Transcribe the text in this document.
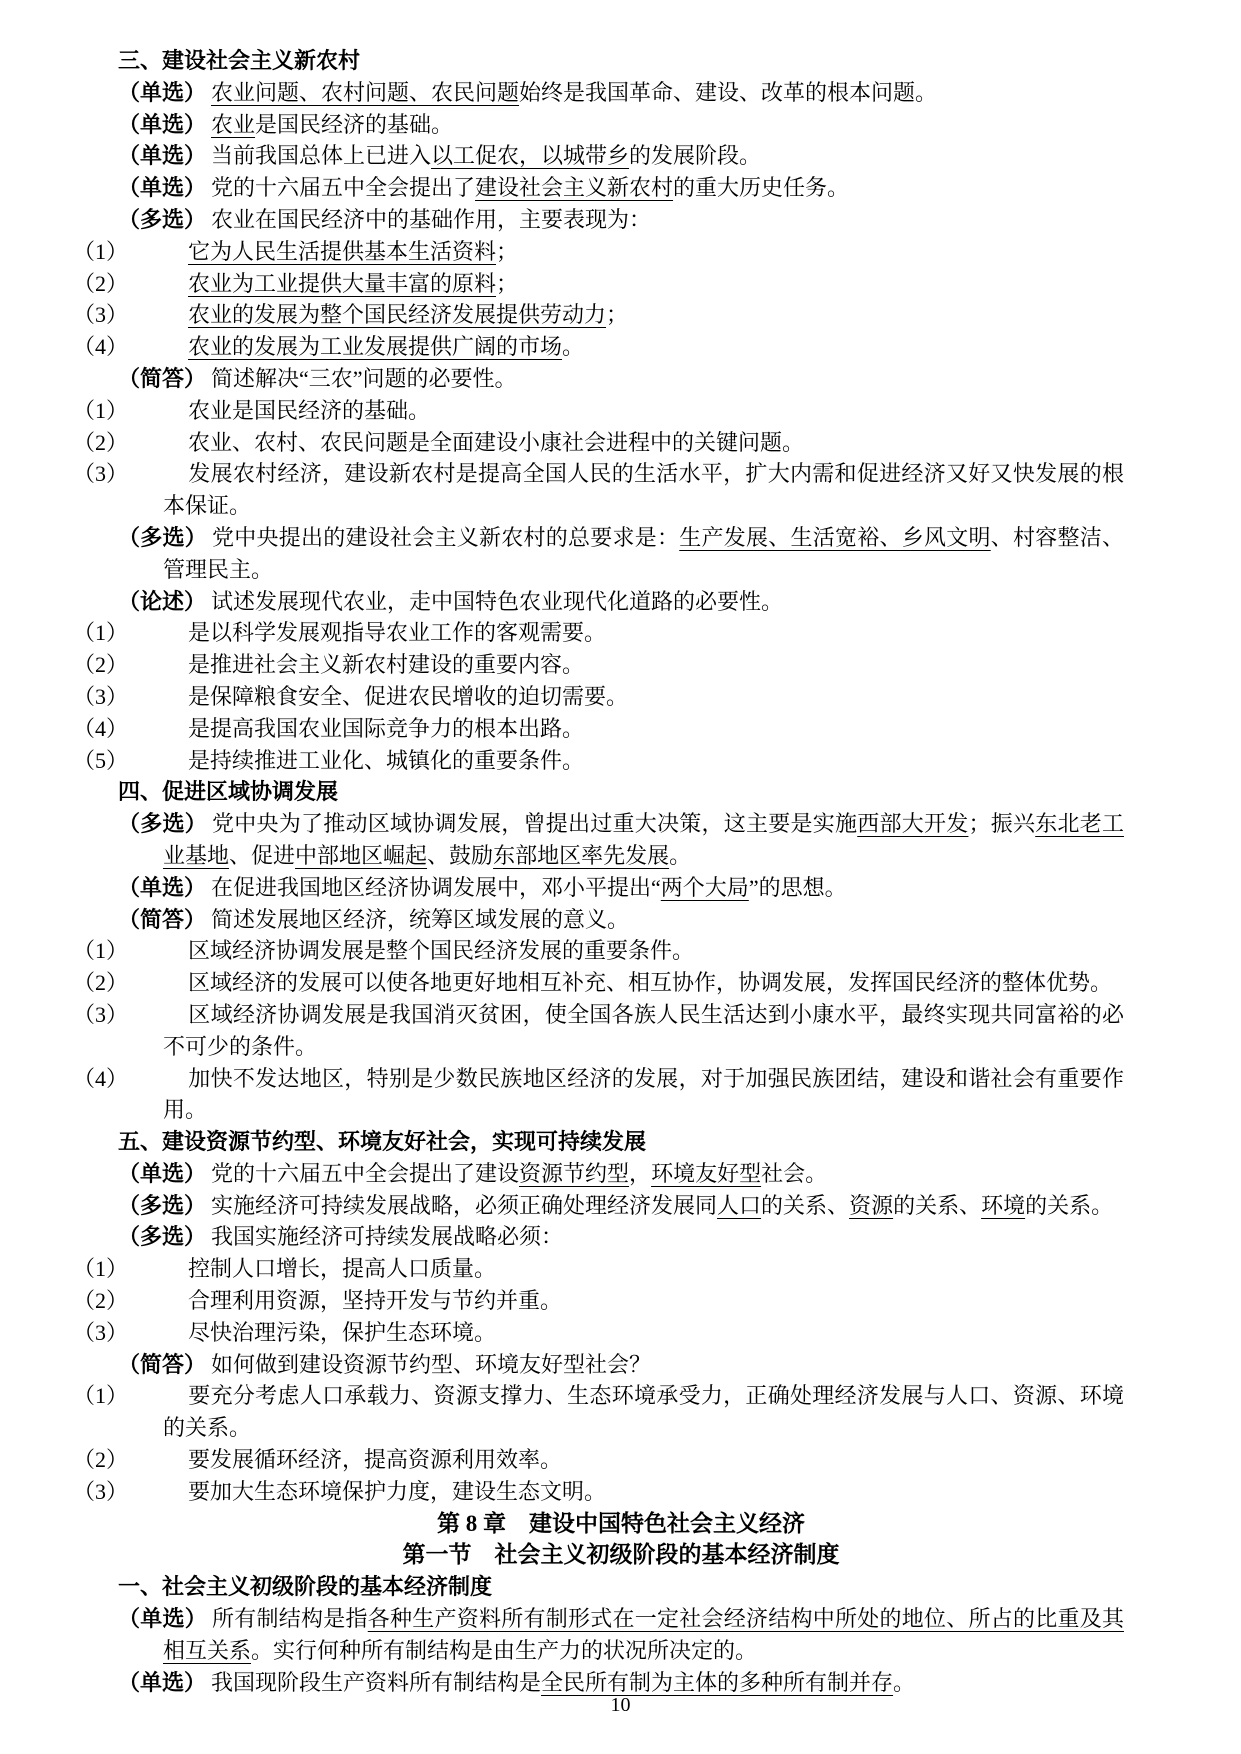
三、建设社会主义新农村
（单选） 农业问题、农村问题、农民问题始终是我国革命、建设、改革的根本问题。
（单选） 农业是国民经济的基础。
（单选） 当前我国总体上已进入以工促农，以城带乡的发展阶段。
（单选） 党的十六届五中全会提出了建设社会主义新农村的重大历史任务。
（多选） 农业在国民经济中的基础作用，主要表现为：
（1）	它为人民生活提供基本生活资料；
（2）	农业为工业提供大量丰富的原料；
（3）	农业的发展为整个国民经济发展提供劳动力；
（4）	农业的发展为工业发展提供广阔的市场。
（简答） 简述解决“三农”问题的必要性。
（1）	农业是国民经济的基础。
（2）	农业、农村、农民问题是全面建设小康社会进程中的关键问题。
（3）	发展农村经济，建设新农村是提高全国人民的生活水平，扩大内需和促进经济又好又快发展的根本保证。
（多选） 党中央提出的建设社会主义新农村的总要求是：生产发展、生活宽裕、乡风文明、村容整洁、管理民主。
（论述） 试述发展现代农业，走中国特色农业现代化道路的必要性。
（1）	是以科学发展观指导农业工作的客观需要。
（2）	是推进社会主义新农村建设的重要内容。
（3）	是保障粮食安全、促进农民增收的迫切需要。
（4）	是提高我国农业国际竞争力的根本出路。
（5）	是持续推进工业化、城镇化的重要条件。
四、促进区域协调发展
（多选） 党中央为了推动区域协调发展，曾提出过重大决策，这主要是实施西部大开发；振兴东北老工业基地、促进中部地区崛起、鼓励东部地区率先发展。
（单选） 在促进我国地区经济协调发展中，邓小平提出“两个大局”的思想。
（简答） 简述发展地区经济，统筹区域发展的意义。
（1）	区域经济协调发展是整个国民经济发展的重要条件。
（2）	区域经济的发展可以使各地更好地相互补充、相互协作，协调发展，发挥国民经济的整体优势。
（3）	区域经济协调发展是我国消灭贫困，使全国各族人民生活达到小康水平，最终实现共同富裕的必不可少的条件。
（4）	加快不发达地区，特别是少数民族地区经济的发展，对于加强民族团结，建设和谐社会有重要作用。
五、建设资源节约型、环境友好社会，实现可持续发展
（单选） 党的十六届五中全会提出了建设资源节约型，环境友好型社会。
（多选） 实施经济可持续发展战略，必须正确处理经济发展同人口的关系、资源的关系、环境的关系。
（多选） 我国实施经济可持续发展战略必须：
（1）	控制人口增长，提高人口质量。
（2）	合理利用资源，坚持开发与节约并重。
（3）	尽快治理污染，保护生态环境。
（简答） 如何做到建设资源节约型、环境友好型社会？
（1）	要充分考虑人口承载力、资源支撑力、生态环境承受力，正确处理经济发展与人口、资源、环境的关系。
（2）	要发展循环经济，提高资源利用效率。
（3）	要加大生态环境保护力度，建设生态文明。
第 8 章　建设中国特色社会主义经济
第一节　社会主义初级阶段的基本经济制度
一、社会主义初级阶段的基本经济制度
（单选） 所有制结构是指各种生产资料所有制形式在一定社会经济结构中所处的地位、所占的比重及其相互关系。实行何种所有制结构是由生产力的状况所决定的。
（单选） 我国现阶段生产资料所有制结构是全民所有制为主体的多种所有制并存。
10
